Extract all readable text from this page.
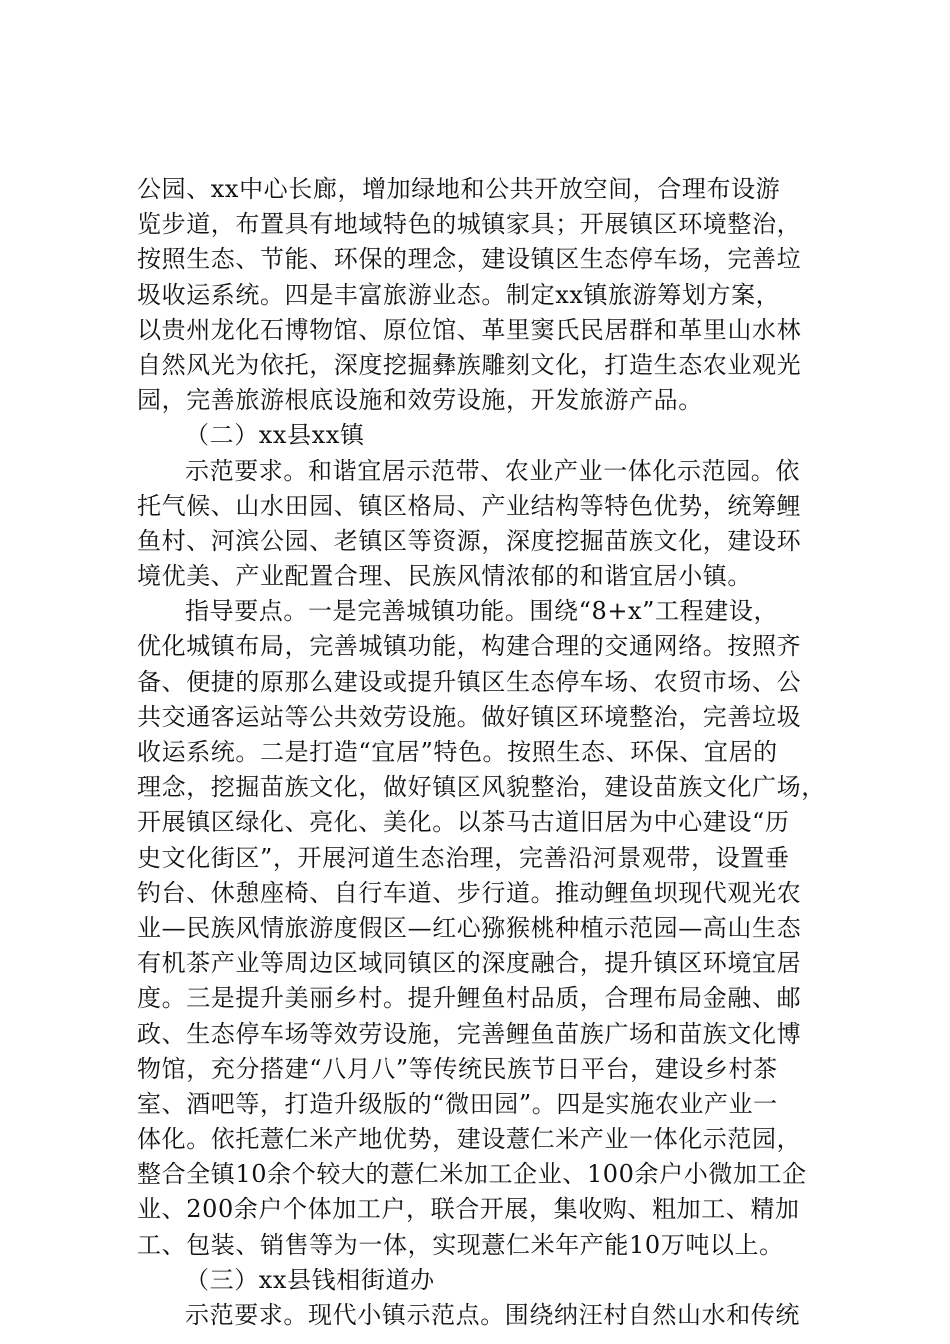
公园、xx中心长廊，增加绿地和公共开放空间，合理布设游
览步道，布置具有地域特色的城镇家具；开展镇区环境整治，
按照生态、节能、环保的理念，建设镇区生态停车场，完善垃
圾收运系统。四是丰富旅游业态。制定xx镇旅游筹划方案，
以贵州龙化石博物馆、原位馆、革里窦氏民居群和革里山水林
自然风光为依托，深度挖掘彝族雕刻文化，打造生态农业观光
园，完善旅游根底设施和效劳设施，开发旅游产品。
（二）xx县xx镇
示范要求。和谐宜居示范带、农业产业一体化示范园。依
托气候、山水田园、镇区格局、产业结构等特色优势，统筹鲤
鱼村、河滨公园、老镇区等资源，深度挖掘苗族文化，建设环
境优美、产业配置合理、民族风情浓郁的和谐宜居小镇。
指导要点。一是完善城镇功能。围绕“8+x”工程建设，
优化城镇布局，完善城镇功能，构建合理的交通网络。按照齐
备、便捷的原那么建设或提升镇区生态停车场、农贸市场、公
共交通客运站等公共效劳设施。做好镇区环境整治，完善垃圾
收运系统。二是打造“宜居”特色。按照生态、环保、宜居的
理念，挖掘苗族文化，做好镇区风貌整治，建设苗族文化广场，
开展镇区绿化、亮化、美化。以茶马古道旧居为中心建设“历
史文化街区”，开展河道生态治理，完善沿河景观带，设置垂
钓台、休憩座椅、自行车道、步行道。推动鲤鱼坝现代观光农
业—民族风情旅游度假区—红心猕猴桃种植示范园—高山生态
有机茶产业等周边区域同镇区的深度融合，提升镇区环境宜居
度。三是提升美丽乡村。提升鲤鱼村品质，合理布局金融、邮
政、生态停车场等效劳设施，完善鲤鱼苗族广场和苗族文化博
物馆，充分搭建“八月八”等传统民族节日平台，建设乡村茶
室、酒吧等，打造升级版的“微田园”。四是实施农业产业一
体化。依托薏仁米产地优势，建设薏仁米产业一体化示范园，
整合全镇10余个较大的薏仁米加工企业、100余户小微加工企
业、200余户个体加工户，联合开展，集收购、粗加工、精加
工、包装、销售等为一体，实现薏仁米年产能10万吨以上。
（三）xx县钱相街道办
示范要求。现代小镇示范点。围绕纳汪村自然山水和传统
